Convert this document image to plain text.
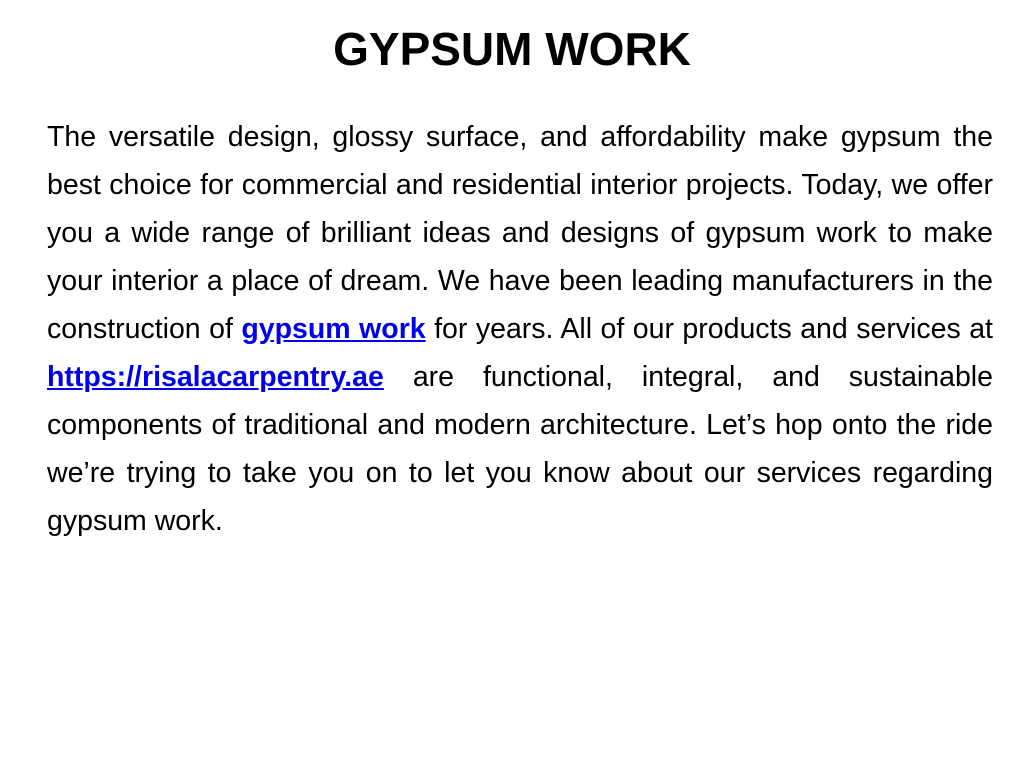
GYPSUM WORK

The versatile design, glossy surface, and affordability make gypsum the best choice for commercial and residential interior projects. Today, we offer you a wide range of brilliant ideas and designs of gypsum work to make your interior a place of dream. We have been leading manufacturers in the construction of gypsum work for years. All of our products and services at https://risalacarpentry.ae are functional, integral, and sustainable components of traditional and modern architecture. Let’s hop onto the ride we’re trying to take you on to let you know about our services regarding gypsum work.
